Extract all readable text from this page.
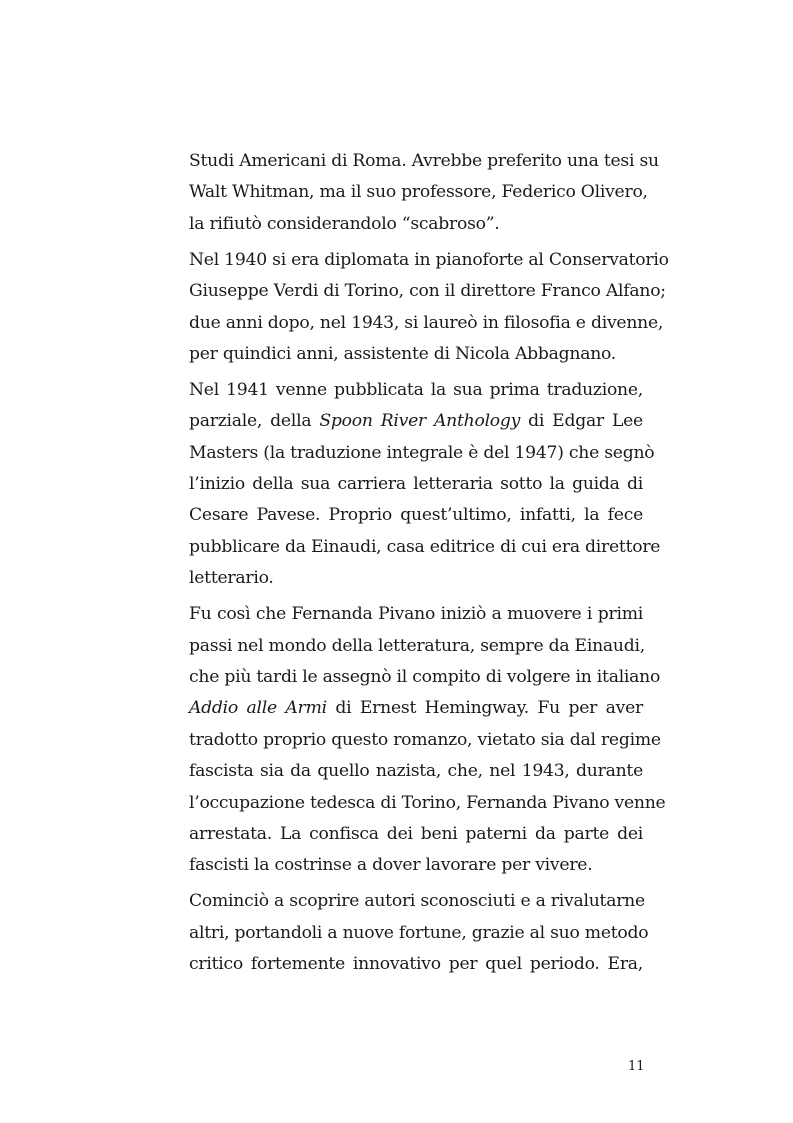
Studi Americani di Roma. Avrebbe preferito una tesi su
Walt Whitman, ma il suo professore, Federico Olivero,
la rifiutò considerandolo “scabroso”.

Nel 1940 si era diplomata in pianoforte al Conservatorio
Giuseppe Verdi di Torino, con il direttore Franco Alfano;
due anni dopo, nel 1943, si laureò in filosofia e divenne,
per quindici anni, assistente di Nicola Abbagnano.

Nel 1941 venne pubblicata la sua prima traduzione,
parziale, della Spoon River Anthology di Edgar Lee
Masters (la traduzione integrale è del 1947) che segnò
l’inizio della sua carriera letteraria sotto la guida di
Cesare Pavese. Proprio quest’ultimo, infatti, la fece
pubblicare da Einaudi, casa editrice di cui era direttore
letterario.

Fu così che Fernanda Pivano iniziò a muovere i primi
passi nel mondo della letteratura, sempre da Einaudi,
che più tardi le assegnò il compito di volgere in italiano
Addio alle Armi di Ernest Hemingway. Fu per aver
tradotto proprio questo romanzo, vietato sia dal regime
fascista sia da quello nazista, che, nel 1943, durante
l’occupazione tedesca di Torino, Fernanda Pivano venne
arrestata. La confisca dei beni paterni da parte dei
fascisti la costrinse a dover lavorare per vivere.

Cominciò a scoprire autori sconosciuti e a rivalutarne
altri, portandoli a nuove fortune, grazie al suo metodo
critico fortemente innovativo per quel periodo. Era,

11
